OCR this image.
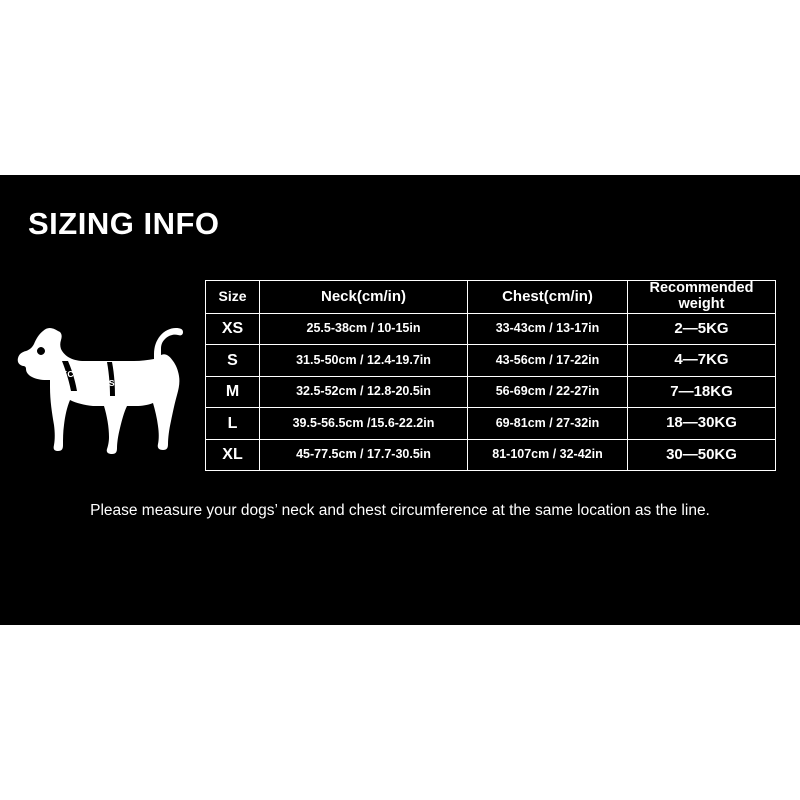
SIZING INFO
NECK
CHEST
Size	Neck(cm/in)	Chest(cm/in)	Recommended weight
XS	25.5-38cm / 10-15in	33-43cm / 13-17in	2—5KG
S	31.5-50cm / 12.4-19.7in	43-56cm / 17-22in	4—7KG
M	32.5-52cm / 12.8-20.5in	56-69cm / 22-27in	7—18KG
L	39.5-56.5cm /15.6-22.2in	69-81cm / 27-32in	18—30KG
XL	45-77.5cm / 17.7-30.5in	81-107cm / 32-42in	30—50KG
Please measure your dogs’ neck and chest circumference at the same location as the line.
